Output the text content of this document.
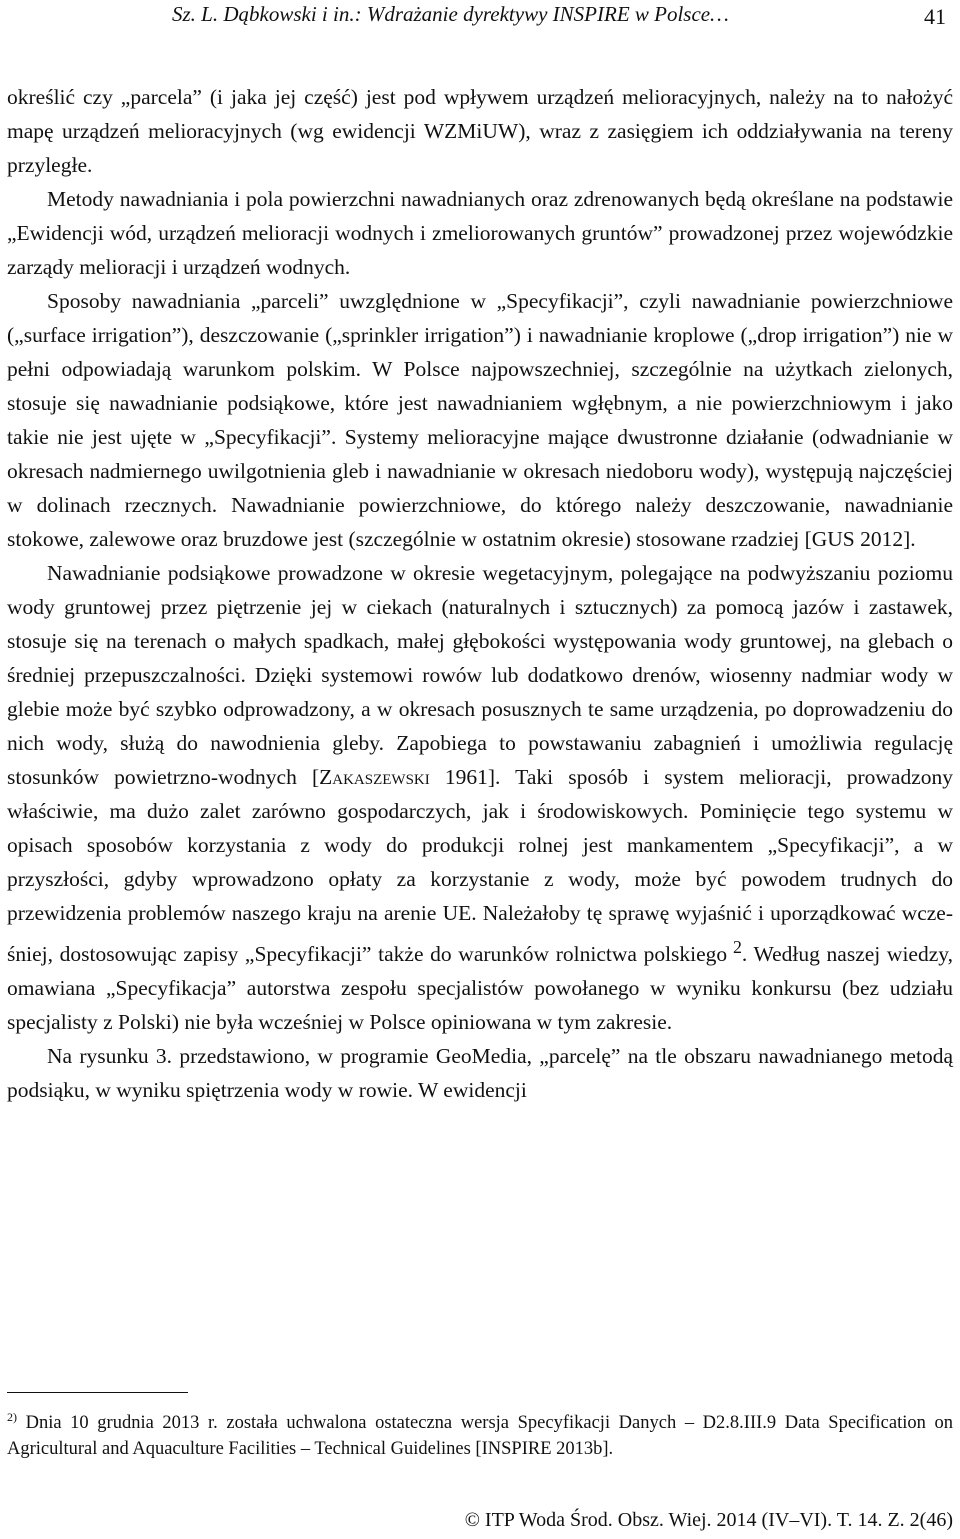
Sz. L. Dąbkowski i in.: Wdrażanie dyrektywy INSPIRE w Polsce…	41

określić czy „parcela” (i jaka jej część) jest pod wpływem urządzeń melioracyjnych, należy na to nałożyć mapę urządzeń melioracyjnych (wg ewidencji WZMiUW), wraz z zasięgiem ich oddziaływania na tereny przyległe.

Metody nawadniania i pola powierzchni nawadnianych oraz zdrenowanych będą określane na podstawie „Ewidencji wód, urządzeń melioracji wodnych i zmeliorowanych gruntów” prowadzonej przez wojewódzkie zarządy melioracji i urządzeń wodnych.

Sposoby nawadniania „parceli” uwzględnione w „Specyfikacji”, czyli nawadnianie powierzchniowe („surface irrigation”), deszczowanie („sprinkler irrigation”) i nawadnianie kroplowe („drop irrigation”) nie w pełni odpowiadają warunkom polskim. W Polsce najpowszechniej, szczególnie na użytkach zielonych, stosuje się nawadnianie podsiąkowe, które jest nawadnianiem wgłębnym, a nie powierzchniowym i jako takie nie jest ujęte w „Specyfikacji”. Systemy melioracyjne mające dwustronne działanie (odwadnianie w okresach nadmiernego uwilgotnienia gleb i nawadnianie w okresach niedoboru wody), występują najczęściej w dolinach rzecznych. Nawadnianie powierzchniowe, do którego należy deszczowanie, nawadnianie stokowe, zalewowe oraz bruzdowe jest (szczególnie w ostatnim okresie) stosowane rzadziej [GUS 2012].

Nawadnianie podsiąkowe prowadzone w okresie wegetacyjnym, polegające na podwyższaniu poziomu wody gruntowej przez piętrzenie jej w ciekach (naturalnych i sztucznych) za pomocą jazów i zastawek, stosuje się na terenach o małych spadkach, małej głębokości występowania wody gruntowej, na glebach o średniej przepuszczalności. Dzięki systemowi rowów lub dodatkowo drenów, wiosenny nadmiar wody w glebie może być szybko odprowadzony, a w okresach posusznych te same urządzenia, po doprowadzeniu do nich wody, służą do nawodnienia gleby. Zapobiega to powstawaniu zabagnień i umożliwia regulację stosunków powietrzno-wodnych [Zakaszewski 1961]. Taki sposób i system melioracji, prowadzony właściwie, ma dużo zalet zarówno gospodarczych, jak i środowiskowych. Pominięcie tego systemu w opisach sposobów korzystania z wody do produkcji rolnej jest mankamentem „Specyfikacji”, a w przyszłości, gdyby wprowadzono opłaty za korzystanie z wody, może być powodem trudnych do przewidzenia problemów naszego kraju na arenie UE. Należałoby tę sprawę wyjaśnić i uporządkować wcześniej, dostosowując zapisy „Specyfikacji” także do warunków rolnictwa polskiego $^2$. Według naszej wiedzy, omawiana „Specyfikacja” autorstwa zespołu specjalistów powołanego w wyniku konkursu (bez udziału specjalisty z Polski) nie była wcześniej w Polsce opiniowana w tym zakresie.

Na rysunku 3. przedstawiono, w programie GeoMedia, „parcelę” na tle obszaru nawadnianego metodą podsiąku, w wyniku spiętrzenia wody w rowie. W ewidencji

$^{2)}$ Dnia 10 grudnia 2013 r. została uchwalona ostateczna wersja Specyfikacji Danych – D2.8.III.9 Data Specification on Agricultural and Aquaculture Facilities – Technical Guidelines [INSPIRE 2013b].
© ITP Woda Środ. Obsz. Wiej. 2014 (IV–VI). T. 14. Z. 2(46)
